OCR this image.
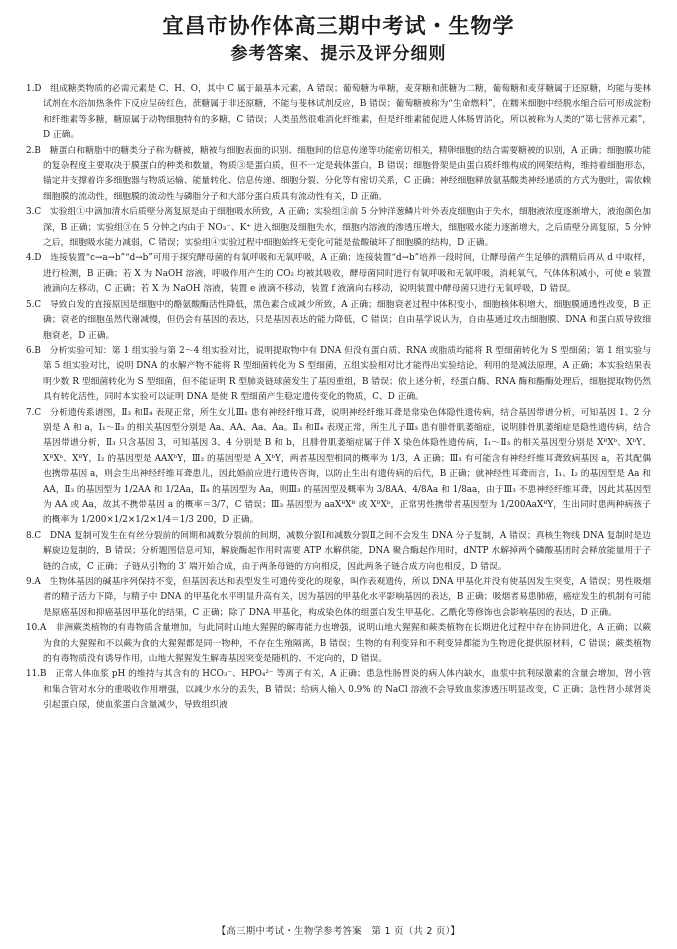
宜昌市协作体高三期中考试・生物学
参考答案、提示及评分细则

1.D　组成糖类物质的必需元素是 C、H、O，其中 C 属于最基本元素，A 错误；葡萄糖为单糖，麦芽糖和蔗糖为二糖，葡萄糖和麦芽糖属于还原糖，均能与斐林试剂在水浴加热条件下反应呈砖红色，蔗糖属于非还原糖，不能与斐林试剂反应，B 错误；葡萄糖被称为“生命燃料”，在糯米细胞中经脱水缩合后可形成淀粉和纤维素等多糖，糖原属于动物细胞特有的多糖，C 错误；人类虽然很难消化纤维素，但是纤维素能促进人体肠胃消化，所以被称为人类的“第七营养元素”，D 正确。

2.B　糖蛋白和糖脂中的糖类分子称为糖被，糖被与细胞表面的识别、细胞间的信息传递等功能密切相关，精卵细胞的结合需要糖被的识别，A 正确；细胞膜功能的复杂程度主要取决于膜蛋白的种类和数量，物质③是蛋白质，但不一定是载体蛋白，B 错误；细胞骨架是由蛋白质纤维构成的网架结构，维持着细胞形态，锚定并支撑着许多细胞器与物质运输、能量转化、信息传递、细胞分裂、分化等有密切关系，C 正确；神经细胞释放氨基酸类神经递质的方式为胞吐，需依赖细胞膜的流动性，细胞膜的流动性与磷脂分子和大部分蛋白质具有流动性有关，D 正确。

3.C　实验组①中滴加清水后质壁分离复原是由于细胞吸水所致，A 正确；实验组②前 5 分钟洋葱鳞片叶外表皮细胞由于失水，细胞液浓度逐渐增大，液泡颜色加深，B 正确；实验组③在 5 分钟之内由于 NO₃⁻、K⁺ 进入细胞及细胞失水，细胞内溶液的渗透压增大，细胞吸水能力逐渐增大，之后质壁分离复原，5 分钟之后，细胞吸水能力减弱，C 错误；实验组④实验过程中细胞始终无变化可能是盐酸破坏了细胞膜的结构，D 正确。

4.D　连接装置“c→a→b”“d→b”可用于探究酵母菌的有氧呼吸和无氧呼吸，A 正确；连接装置“d→b”培养一段时间，让酵母菌产生足够的酒精后再从 d 中取样，进行检测，B 正确；若 X 为 NaOH 溶液，呼吸作用产生的 CO₂ 均被其吸收，酵母菌同时进行有氧呼吸和无氧呼吸，消耗氧气，气体体积减小，可使 e 装置液滴向左移动，C 正确；若 X 为 NaOH 溶液，装置 e 液滴不移动，装置 f 液滴向右移动，说明装置中酵母菌只进行无氧呼吸，D 错误。

5.C　导致白发的直接原因是细胞中的酪氨酸酶活性降低，黑色素合成减少所致，A 正确；细胞衰老过程中体积变小，细胞核体积增大，细胞膜通透性改变，B 正确；衰老的细胞虽然代谢减慢，但仍会有基因的表达，只是基因表达的能力降低，C 错误；自由基学说认为，自由基通过攻击细胞膜、DNA 和蛋白质导致细胞衰老，D 正确。

6.B　分析实验可知：第 1 组实验与第 2～4 组实验对比，说明提取物中有 DNA 但没有蛋白质、RNA 或脂质均能将 R 型细菌转化为 S 型细菌；第 1 组实验与第 5 组实验对比，说明 DNA 的水解产物不能将 R 型细菌转化为 S 型细菌，五组实验相对比才能得出实验结论，利用的是减法原理，A 正确；本实验结果表明少数 R 型细菌转化为 S 型细菌，但不能证明 R 型肺炎链球菌发生了基因重组，B 错误；依上述分析，经蛋白酶、RNA 酶和酯酶处理后，细胞提取物仍然具有转化活性，同时本实验可以证明 DNA 是使 R 型细菌产生稳定遗传变化的物质，C、D 正确。

7.C　分析遗传系谱图，Ⅱ₃ 和Ⅱ₄ 表现正常，所生女儿Ⅲ₁ 患有神经纤维耳聋，说明神经纤维耳聋是常染色体隐性遗传病，结合基因带谱分析，可知基因 1、2 分别是 A 和 a，Ⅰ₁～Ⅱ₃ 的相关基因型分别是 Aa、AA、Aa、Aa。Ⅱ₃ 和Ⅱ₄ 表现正常，所生儿子Ⅲ₃ 患有腓骨肌萎缩症，说明腓骨肌萎缩症是隐性遗传病，结合基因带谱分析，Ⅱ₃ 只含基因 3，可知基因 3、4 分别是 B 和 b，且腓骨肌萎缩症属于伴 X 染色体隐性遗传病，Ⅰ₁～Ⅱ₃ 的相关基因型分别是 XᴮXᵇ、XᵇY、XᴮXᵇ、XᴮY，Ⅰ₂ 的基因型是 AAXᵇY，Ⅲ₂ 的基因型是 A_XᵇY，两者基因型相同的概率为 1/3，A 正确；Ⅲ₁ 有可能含有神经纤维耳聋致病基因 a，若其配偶也携带基因 a，则会生出神经纤维耳聋患儿，因此婚前应进行遗传咨询，以防止生出有遗传病的后代，B 正确；就神经性耳聋而言，Ⅰ₁、Ⅰ₂ 的基因型是 Aa 和 AA，Ⅱ₃ 的基因型为 1/2AA 和 1/2Aa，Ⅱ₄ 的基因型为 Aa，则Ⅲ₃ 的基因型及概率为 3/8AA、4/8Aa 和 1/8aa，由于Ⅲ₃ 不患神经纤维耳聋，因此其基因型为 AA 或 Aa，故其不携带基因 a 的概率＝3/7，C 错误；Ⅲ₃ 基因型为 aaXᴮXᴮ 或 XᴮXᵇ，正常男性携带者基因型为 1/200AaXᴮY，生出同时患两种病孩子的概率为 1/200×1/2×1/2×1/4＝1/3 200，D 正确。

8.C　DNA 复制可发生在有丝分裂前的间期和减数分裂前的间期，减数分裂Ⅰ和减数分裂Ⅱ之间不会发生 DNA 分子复制，A 错误；真核生物线 DNA 复制时是边解旋边复制的，B 错误；分析题图信息可知，解旋酶起作用时需要 ATP 水解供能，DNA 聚合酶起作用时，dNTP 水解掉两个磷酸基团时会释放能量用于子链的合成，C 正确；子链从引物的 3′ 端开始合成，由于两条母链的方向相反，因此两条子链合成方向也相反，D 错误。

9.A　生物体基因的碱基序列保持不变，但基因表达和表型发生可遗传变化的现象，叫作表观遗传，所以 DNA 甲基化并没有使基因发生突变，A 错误；男性吸烟者的精子活力下降，与精子中 DNA 的甲基化水平明显升高有关，因为基因的甲基化水平影响基因的表达，B 正确；吸烟者易患肺癌，癌症发生的机制有可能是原癌基因和抑癌基因甲基化的结果，C 正确；除了 DNA 甲基化，构成染色体的组蛋白发生甲基化、乙酰化等修饰也会影响基因的表达，D 正确。

10.A　非洲蕨类植物的有毒物质含量增加，与此同时山地大猩猩的解毒能力也增强，说明山地大猩猩和蕨类植物在长期进化过程中存在协同进化，A 正确；以蕨为食的大猩猩和不以蕨为食的大猩猩都是同一物种，不存在生殖隔离，B 错误；生物的有利变异和不利变异都能为生物进化提供原材料，C 错误；蕨类植物的有毒物质没有诱导作用，山地大猩猩发生解毒基因突变是随机的、不定向的，D 错误。

11.B　正常人体血浆 pH 的维持与其含有的 HCO₃⁻、HPO₄²⁻ 等离子有关，A 正确；患急性肠胃炎的病人体内缺水，血浆中抗利尿激素的含量会增加，肾小管和集合管对水分的重吸收作用增强，以减少水分的丢失，B 错误；给病人输入 0.9% 的 NaCl 溶液不会导致血浆渗透压明显改变，C 正确；急性肾小球肾炎引起蛋白尿，使血浆蛋白含量减少，导致组织液

【高三期中考试・生物学参考答案　第 1 页（共 2 页）】
